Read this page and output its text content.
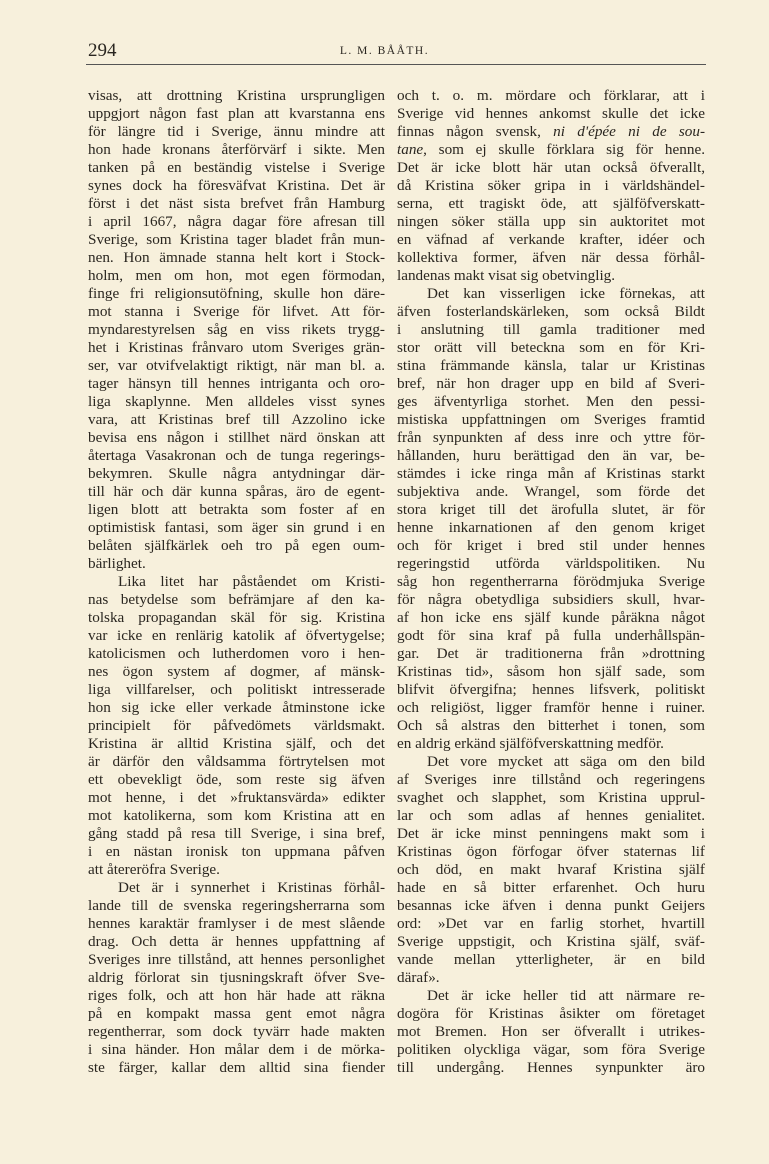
294	L. M. BÅÅTH.
visas, att drottning Kristina ursprungligen
uppgjort någon fast plan att kvarstanna ens
för längre tid i Sverige, ännu mindre att
hon hade kronans återförvärf i sikte. Men
tanken på en beständig vistelse i Sverige
synes dock ha föresväfvat Kristina. Det är
först i det näst sista brefvet från Hamburg
i april 1667, några dagar före afresan till
Sverige, som Kristina tager bladet från mun-
nen. Hon ämnade stanna helt kort i Stock-
holm, men om hon, mot egen förmodan,
finge fri religionsutöfning, skulle hon däre-
mot stanna i Sverige för lifvet. Att för-
myndarestyrelsen såg en viss rikets trygg-
het i Kristinas frånvaro utom Sveriges grän-
ser, var otvifvelaktigt riktigt, när man bl. a.
tager hänsyn till hennes intriganta och oro-
liga skaplynne. Men alldeles visst synes
vara, att Kristinas bref till Azzolino icke
bevisa ens någon i stillhet närd önskan att
återtaga Vasakronan och de tunga regerings-
bekymren. Skulle några antydningar där-
till här och där kunna spåras, äro de egent-
ligen blott att betrakta som foster af en
optimistisk fantasi, som äger sin grund i en
belåten själfkärlek oeh tro på egen oum-
bärlighet.
Lika litet har påståendet om Kristi-
nas betydelse som befrämjare af den ka-
tolska propagandan skäl för sig. Kristina
var icke en renlärig katolik af öfvertygelse;
katolicismen och lutherdomen voro i hen-
nes ögon system af dogmer, af mänsk-
liga villfarelser, och politiskt intresserade
hon sig icke eller verkade åtminstone icke
principielt för påfvedömets världsmakt.
Kristina är alltid Kristina själf, och det
är därför den våldsamma förtrytelsen mot
ett obevekligt öde, som reste sig äfven
mot henne, i det »fruktansvärda» edikter
mot katolikerna, som kom Kristina att en
gång stadd på resa till Sverige, i sina bref,
i en nästan ironisk ton uppmana påfven
att återeröfra Sverige.
Det är i synnerhet i Kristinas förhål-
lande till de svenska regeringsherrarna som
hennes karaktär framlyser i de mest slående
drag. Och detta är hennes uppfattning af
Sveriges inre tillstånd, att hennes personlighet
aldrig förlorat sin tjusningskraft öfver Sve-
riges folk, och att hon här hade att räkna
på en kompakt massa gent emot några
regentherrar, som dock tyvärr hade makten
i sina händer. Hon målar dem i de mörka-
ste färger, kallar dem alltid sina fiender
och t. o. m. mördare och förklarar, att i
Sverige vid hennes ankomst skulle det icke
finnas någon svensk, ni d'épée ni de sou-
tane, som ej skulle förklara sig för henne.
Det är icke blott här utan också öfverallt,
då Kristina söker gripa in i världshändel-
serna, ett tragiskt öde, att själföfverskatt-
ningen söker ställa upp sin auktoritet mot
en väfnad af verkande krafter, idéer och
kollektiva former, äfven när dessa förhål-
landenas makt visat sig obetvinglig.
Det kan visserligen icke förnekas, att
äfven fosterlandskärleken, som också Bildt
i anslutning till gamla traditioner med
stor orätt vill beteckna som en för Kri-
stina främmande känsla, talar ur Kristinas
bref, när hon drager upp en bild af Sveri-
ges äfventyrliga storhet. Men den pessi-
mistiska uppfattningen om Sveriges framtid
från synpunkten af dess inre och yttre för-
hållanden, huru berättigad den än var, be-
stämdes i icke ringa mån af Kristinas starkt
subjektiva ande. Wrangel, som förde det
stora kriget till det ärofulla slutet, är för
henne inkarnationen af den genom kriget
och för kriget i bred stil under hennes
regeringstid utförda världspolitiken. Nu
såg hon regentherrarna förödmjuka Sverige
för några obetydliga subsidiers skull, hvar-
af hon icke ens själf kunde påräkna något
godt för sina kraf på fulla underhållspän-
gar. Det är traditionerna från »drottning
Kristinas tid», såsom hon själf sade, som
blifvit öfvergifna; hennes lifsverk, politiskt
och religiöst, ligger framför henne i ruiner.
Och så alstras den bitterhet i tonen, som
en aldrig erkänd själföfverskattning medför.
Det vore mycket att säga om den bild
af Sveriges inre tillstånd och regeringens
svaghet och slapphet, som Kristina upprul-
lar och som adlas af hennes genialitet.
Det är icke minst penningens makt som i
Kristinas ögon förfogar öfver staternas lif
och död, en makt hvaraf Kristina själf
hade en så bitter erfarenhet. Och huru
besannas icke äfven i denna punkt Geijers
ord: »Det var en farlig storhet, hvartill
Sverige uppstigit, och Kristina själf, sväf-
vande mellan ytterligheter, är en bild
däraf».
Det är icke heller tid att närmare re-
dogöra för Kristinas åsikter om företaget
mot Bremen. Hon ser öfverallt i utrikes-
politiken olyckliga vägar, som föra Sverige
till undergång. Hennes synpunkter äro
